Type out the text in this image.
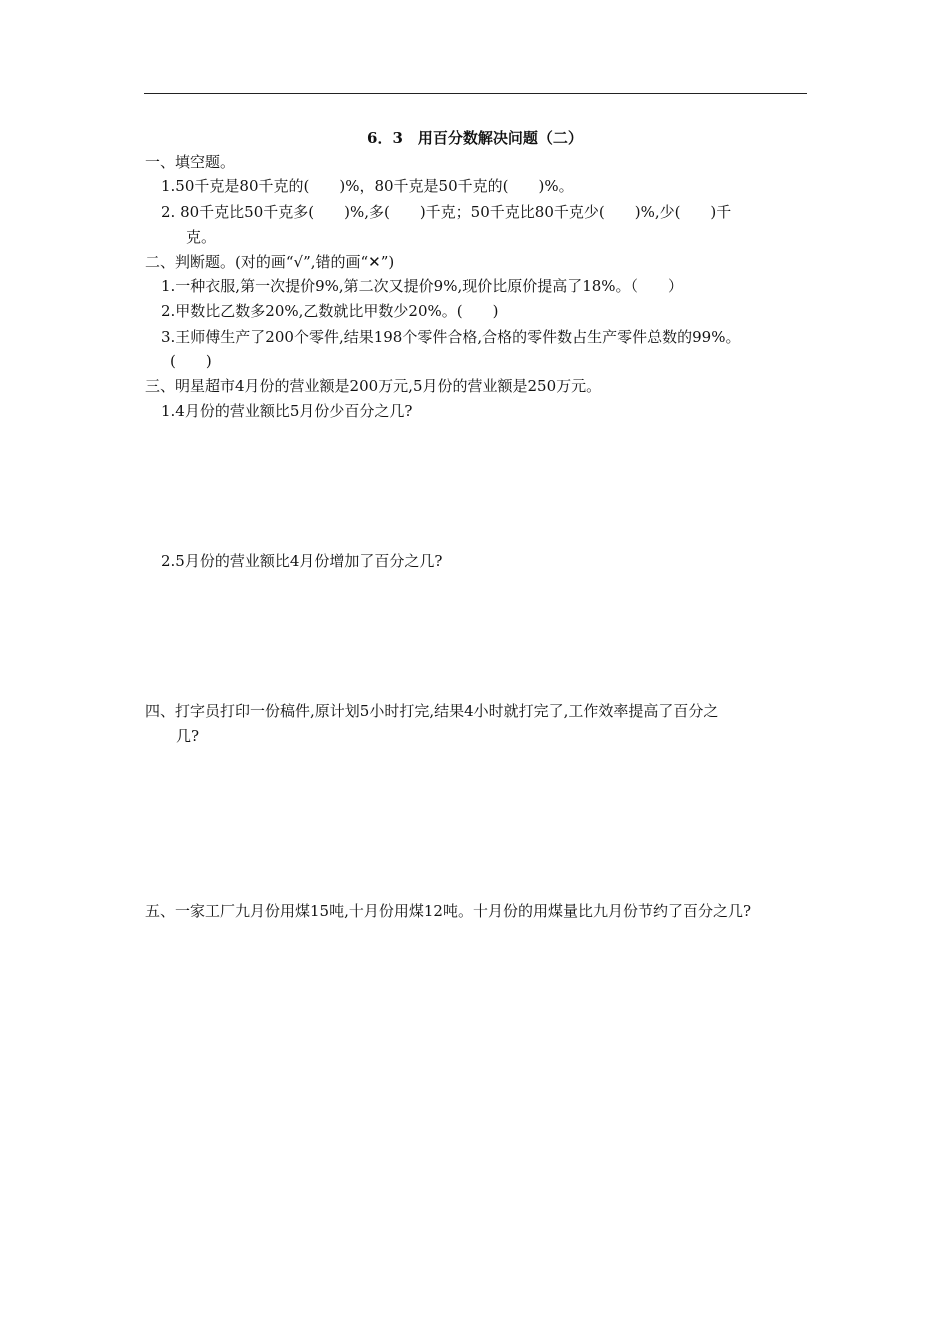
6．3　用百分数解决问题（二）
一、填空题。
1.50千克是80千克的(　　)%，80千克是50千克的(　　)%。
2. 80千克比50千克多(　　)%,多(　　)千克；50千克比80千克少(　　)%,少(　　)千
克。
二、判断题。(对的画“√”,错的画“✕”)
1.一种衣服,第一次提价9%,第二次又提价9%,现价比原价提高了18%。（　　）
2.甲数比乙数多20%,乙数就比甲数少20%。(　　)
3.王师傅生产了200个零件,结果198个零件合格,合格的零件数占生产零件总数的99%。
(　　)
三、明星超市4月份的营业额是200万元,5月份的营业额是250万元。
1.4月份的营业额比5月份少百分之几?
2.5月份的营业额比4月份增加了百分之几?
四、打字员打印一份稿件,原计划5小时打完,结果4小时就打完了,工作效率提高了百分之
几?
五、一家工厂九月份用煤15吨,十月份用煤12吨。十月份的用煤量比九月份节约了百分之几?
